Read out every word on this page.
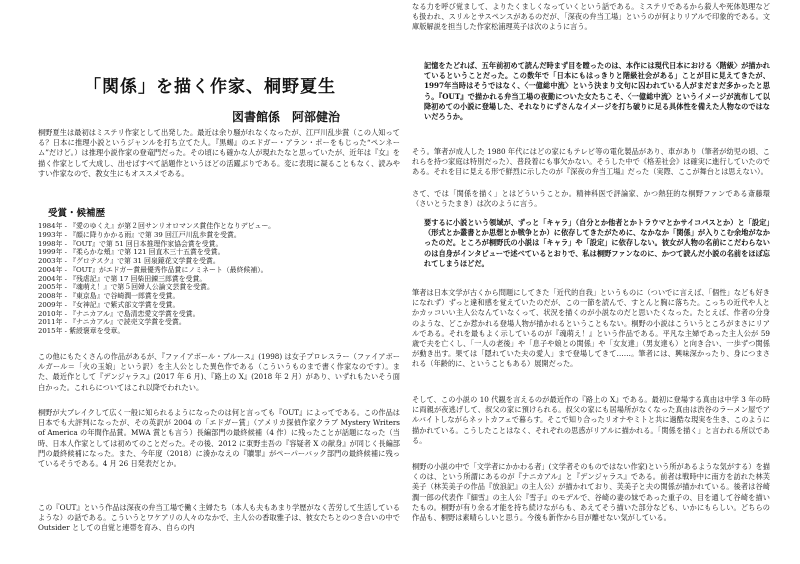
「関係」を描く作家、桐野夏生
図書館係　阿部健治

桐野夏生は最初はミステリ作家として出発した。最近は余り騒がれなくなったが、江戸川乱歩賞（この人知ってる？日本に推理小説というジャンルを打ち立てた人。『黒蜴』のエドガー・アラン・ポーをもじった“ペンネーム”だけど。）は推理小説作家の登竜門だった。その頃にも確かな人が現れたなと思っていたが、近年は『女』を描く作家として大成し、出せばすべて話題作というほどの活躍ぶりである。変に表現に凝ることもなく、読みやすい作家なので、教女生にもオススメである。

受賞・候補歴

1984年 - 『愛のゆくえ』が第２回サンリオロマンス賞佳作となりデビュー。
1993年 - 『顔に降りかかる雨』で第 39 回江戸川乱歩賞を受賞。
1998年 - 『OUT』で第 51 回日本推理作家協会賞を受賞。
1999年 - 『柔らかな頬』で第 121 回直木三十五賞を受賞。
2003年 - 『グロテスク』で第 31 回泉鏡花文学賞を受賞。
2004年 - 『OUT』がエドガー賞最優秀作品賞にノミネート（最終候補）。
2004年 - 『残虐記』で第 17 回柴田錬三郎賞を受賞。
2005年 - 『魂萌え！』で第５回婦人公論文芸賞を受賞。
2008年 - 『東京島』で谷崎潤一郎賞を受賞。
2009年 - 『女神記』で紫式部文学賞を受賞。
2010年 - 『ナニカアル』で島清恋愛文学賞を受賞。
2011年 - 『ナニカアル』で読売文学賞を受賞。
2015年 - 紫綬褒章を受章。

この他にもたくさんの作品があるが、『ファイアボール・ブルース』(1998) は女子プロレスラー（ファイアボールガール＝「火の玉娘」という訳）を主人公とした異色作である（こういうものまで書く作家なのです）。また、最近作として『デンジャラス』(2017 年 6 月)、『路上の X』(2018 年 2 月）があり、いずれもたいそう面白かった。これらについてはこれ以降でわれたい。

桐野が大ブレイクして広く一般に知られるようになったのは何と言っても『OUT』によってである。この作品は日本でも大評判になったが、その英訳が 2004 の「エドガー賞」（アメリカ探偵作家クラブ Mystery Writers of America の年間作品賞。MWA 賞とも言う）長編部門の最終候補（4 作）に残ったことが話題になった（当時、日本人作家としては初めてのことだった。その後、2012 に東野圭吾の『容疑者 X の献身』が同じく長編部門の最終候補になった。また、今年度（2018）に湊かなえの『贖罪』がペーパーバック部門の最終候補に残っているそうである。4 月 26 日発表だとか。

この『OUT』という作品は深夜の弁当工場で働く主婦たち（本人も夫もあまり学歴がなく苦労して生活しているような）の話である。こういうとワケアリの人々のなかで、主人公の香取雅子は、彼女たちとのつき合いの中で Outsider としての自覚と連帯を育み、自らの内

なる力を呼び覚まして、よりたくましくなっていくという話である。ミステリであるから殺人や死体処理なども扱われ、スリルとサスペンスがあるのだが、「深夜の弁当工場」というのが何よりリアルで印象的である。文庫版解説を担当した作家松浦理英子は次のように言う。

記憶をたどれば、五年前初めて読んだ時まず目を瞠ったのは、本作には現代日本における〈階級〉が描かれているということだった。この数年で「日本にもはっきりと階級社会がある」ことが目に見えてきたが、1997年当時はそうではなく、〈一億総中流〉という決まり文句に囚われている人がまだまだ多かったと思う。『OUT』で描かれる弁当工場の夜勤についた女たちこそ、〈一億総中流〉というイメージが流布して以降初めての小説に登場した、それなりにずさんなイメージを打ち破りに足る具体性を備えた人物なのではないだろうか。

そう。筆者が成人した 1980 年代にはどの家にもテレビ等の電化製品があり、車があり（筆者が幼児の頃、これらを持つ家庭は特別だった）、普段着にも事欠かない。そうした中で《格差社会》は確実に進行していたのである。それを目に見える形で鮮烈に示したのが『深夜の弁当工場』だった（実際、ここが舞台とは思えない）。

さて、では「関係を描く」とはどういうことか。精神科医で評論家、かつ熱狂的な桐野ファンである斎藤環（さいとうたまき）は次のように言う。

要するに小説という領域が、ずっと「キャラ」（自分とか他者とかトラウマとかサイコパスとか）と「設定」（形式とか叢書とか思想とか戦争とか）に依存してきたがために、なかなか「関係」が入りこむ余地がなかったのだ。ところが桐野氏の小説は「キャラ」や「設定」に依存しない。彼女が人物の名前にこだわらないのは自身がインタビューで述べているとおりで、私は桐野ファンなのに、かつて読んだ小説の名前をほぼ忘れてしまうほどだ。

筆者は日本文学が古くから問題にしてきた「近代的自我」というものに（ついでに言えば、「個性」なども好きになれず）ずっと違和感を覚えていたのだが、この一節を読んで、すとんと胸に落ちた。こっちの近代や人とかカッコいい主人公なんていなくって、状況を描くのが小説なのだと思いたくなった。たとえば、作者の分身のような、どこか惹かれる登場人物が描かれるということもない。桐野の小説はこういうところがまさにリアルである。それを最もよく示しているのが『魂萌え！』という作品である。平凡な主婦であった主人公が 59 歳で夫を亡くし、「一人の老後」や「息子や娘との関係」や「女友達」（男友達も）と向き合い、一歩ずつ関係が動き出す。果ては「隠れていた夫の愛人」まで登場してきて……。筆者には、興味深かったり、身につまされる（年齢的に、ということもある）展開だった。

そして、この小説の 10 代観を言えるのが最近作の『路上の X』である。最初に登場する真由は中学 3 年の時に両親が夜逃げして、叔父の家に預けられる。叔父の家にも居場所がなくなった真由は渋谷のラーメン屋でアルバイトしながらネットカフェで暮らす。そこで知り合ったリオナやミトと共に過酷な現実を生き、このように描かれている。こうしたことはなく、それぞれの思惑がリアルに描かれる。「関係を描く」と言われる所以である。

桐野の小説の中で「文学者にかかわる者」(文学者そのものではない作家)という所があるような気がする）を描くのは、という所謂にあるのが『ナニカアル』と『デンジャラス』である。前者は戦時中に南方を訪れた林芙美子（林芙美子の作品『放浪記』の主人公）が描かれており、芙美子と夫の関係が描かれている。後者は谷崎潤一郎の代表作『細雪』の主人公『雪子』のモデルで、谷崎の妻の妹であった重子の、目を通して谷崎を描いたもの。桐野が有り余る才能を持ち続けながらも、あえてそう描いた部分なども、いかにもらしい。どちらの作品も、桐野は素晴らしいと思う。今後も新作から目が離せない気がしている。
